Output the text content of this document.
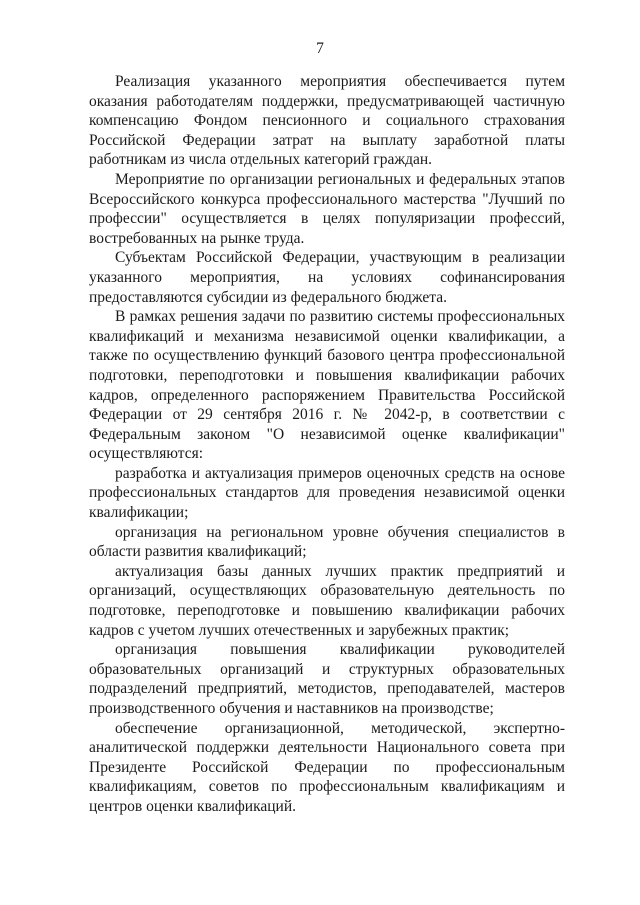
7

Реализация указанного мероприятия обеспечивается путем оказания работодателям поддержки, предусматривающей частичную компенсацию Фондом пенсионного и социального страхования Российской Федерации затрат на выплату заработной платы работникам из числа отдельных категорий граждан.

Мероприятие по организации региональных и федеральных этапов Всероссийского конкурса профессионального мастерства "Лучший по профессии" осуществляется в целях популяризации профессий, востребованных на рынке труда.

Субъектам Российской Федерации, участвующим в реализации указанного мероприятия, на условиях софинансирования предоставляются субсидии из федерального бюджета.

В рамках решения задачи по развитию системы профессиональных квалификаций и механизма независимой оценки квалификации, а также по осуществлению функций базового центра профессиональной подготовки, переподготовки и повышения квалификации рабочих кадров, определенного распоряжением Правительства Российской Федерации от 29 сентября 2016 г. № 2042-р, в соответствии с Федеральным законом "О независимой оценке квалификации" осуществляются:

разработка и актуализация примеров оценочных средств на основе профессиональных стандартов для проведения независимой оценки квалификации;

организация на региональном уровне обучения специалистов в области развития квалификаций;

актуализация базы данных лучших практик предприятий и организаций, осуществляющих образовательную деятельность по подготовке, переподготовке и повышению квалификации рабочих кадров с учетом лучших отечественных и зарубежных практик;

организация повышения квалификации руководителей образовательных организаций и структурных образовательных подразделений предприятий, методистов, преподавателей, мастеров производственного обучения и наставников на производстве;

обеспечение организационной, методической, экспертно-аналитической поддержки деятельности Национального совета при Президенте Российской Федерации по профессиональным квалификациям, советов по профессиональным квалификациям и центров оценки квалификаций.
